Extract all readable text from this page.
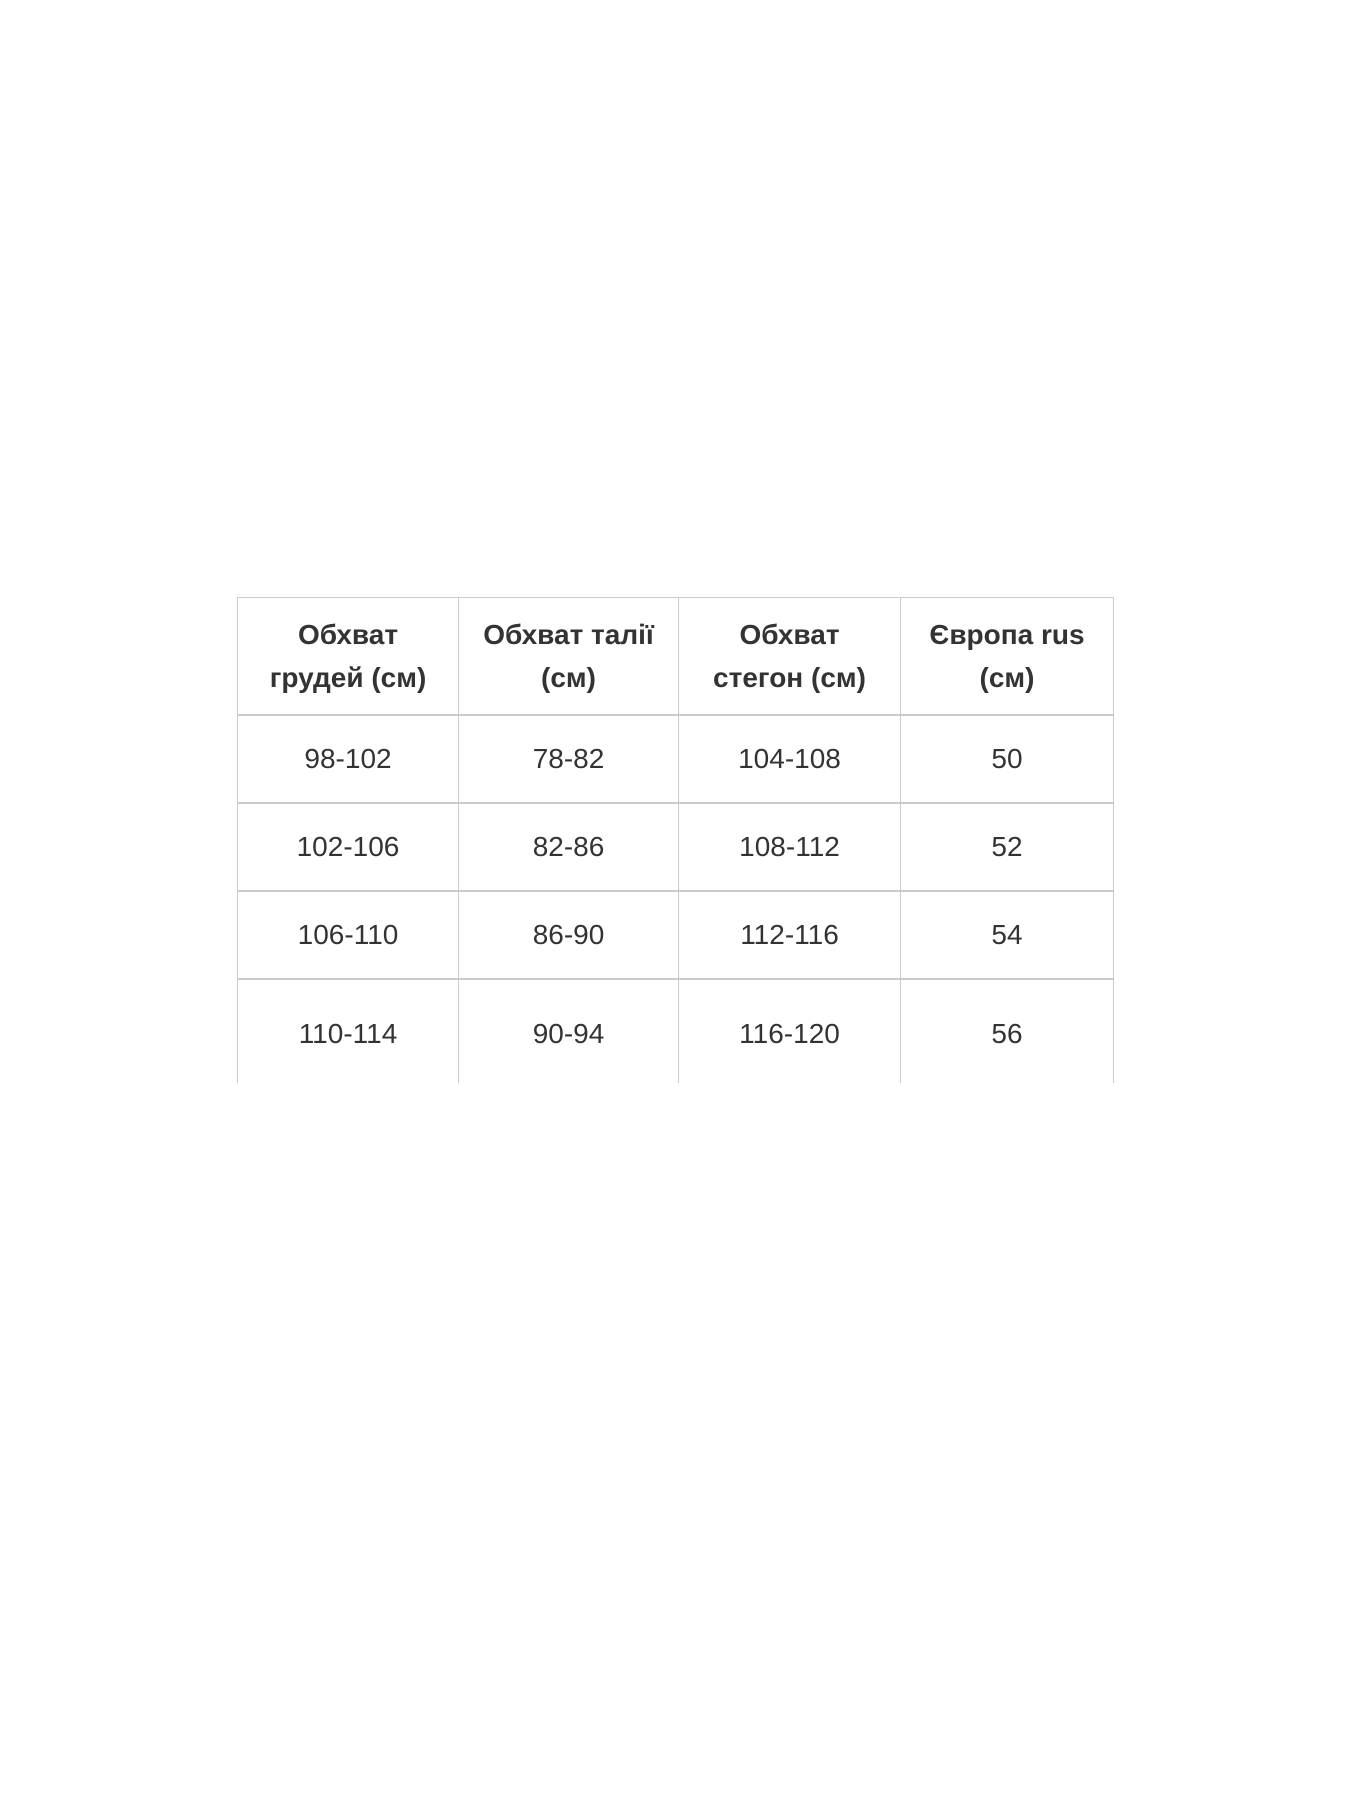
Обхват грудей (см)	Обхват талії (см)	Обхват стегон (см)	Європа rus (см)
98-102	78-82	104-108	50
102-106	82-86	108-112	52
106-110	86-90	112-116	54
110-114	90-94	116-120	56
